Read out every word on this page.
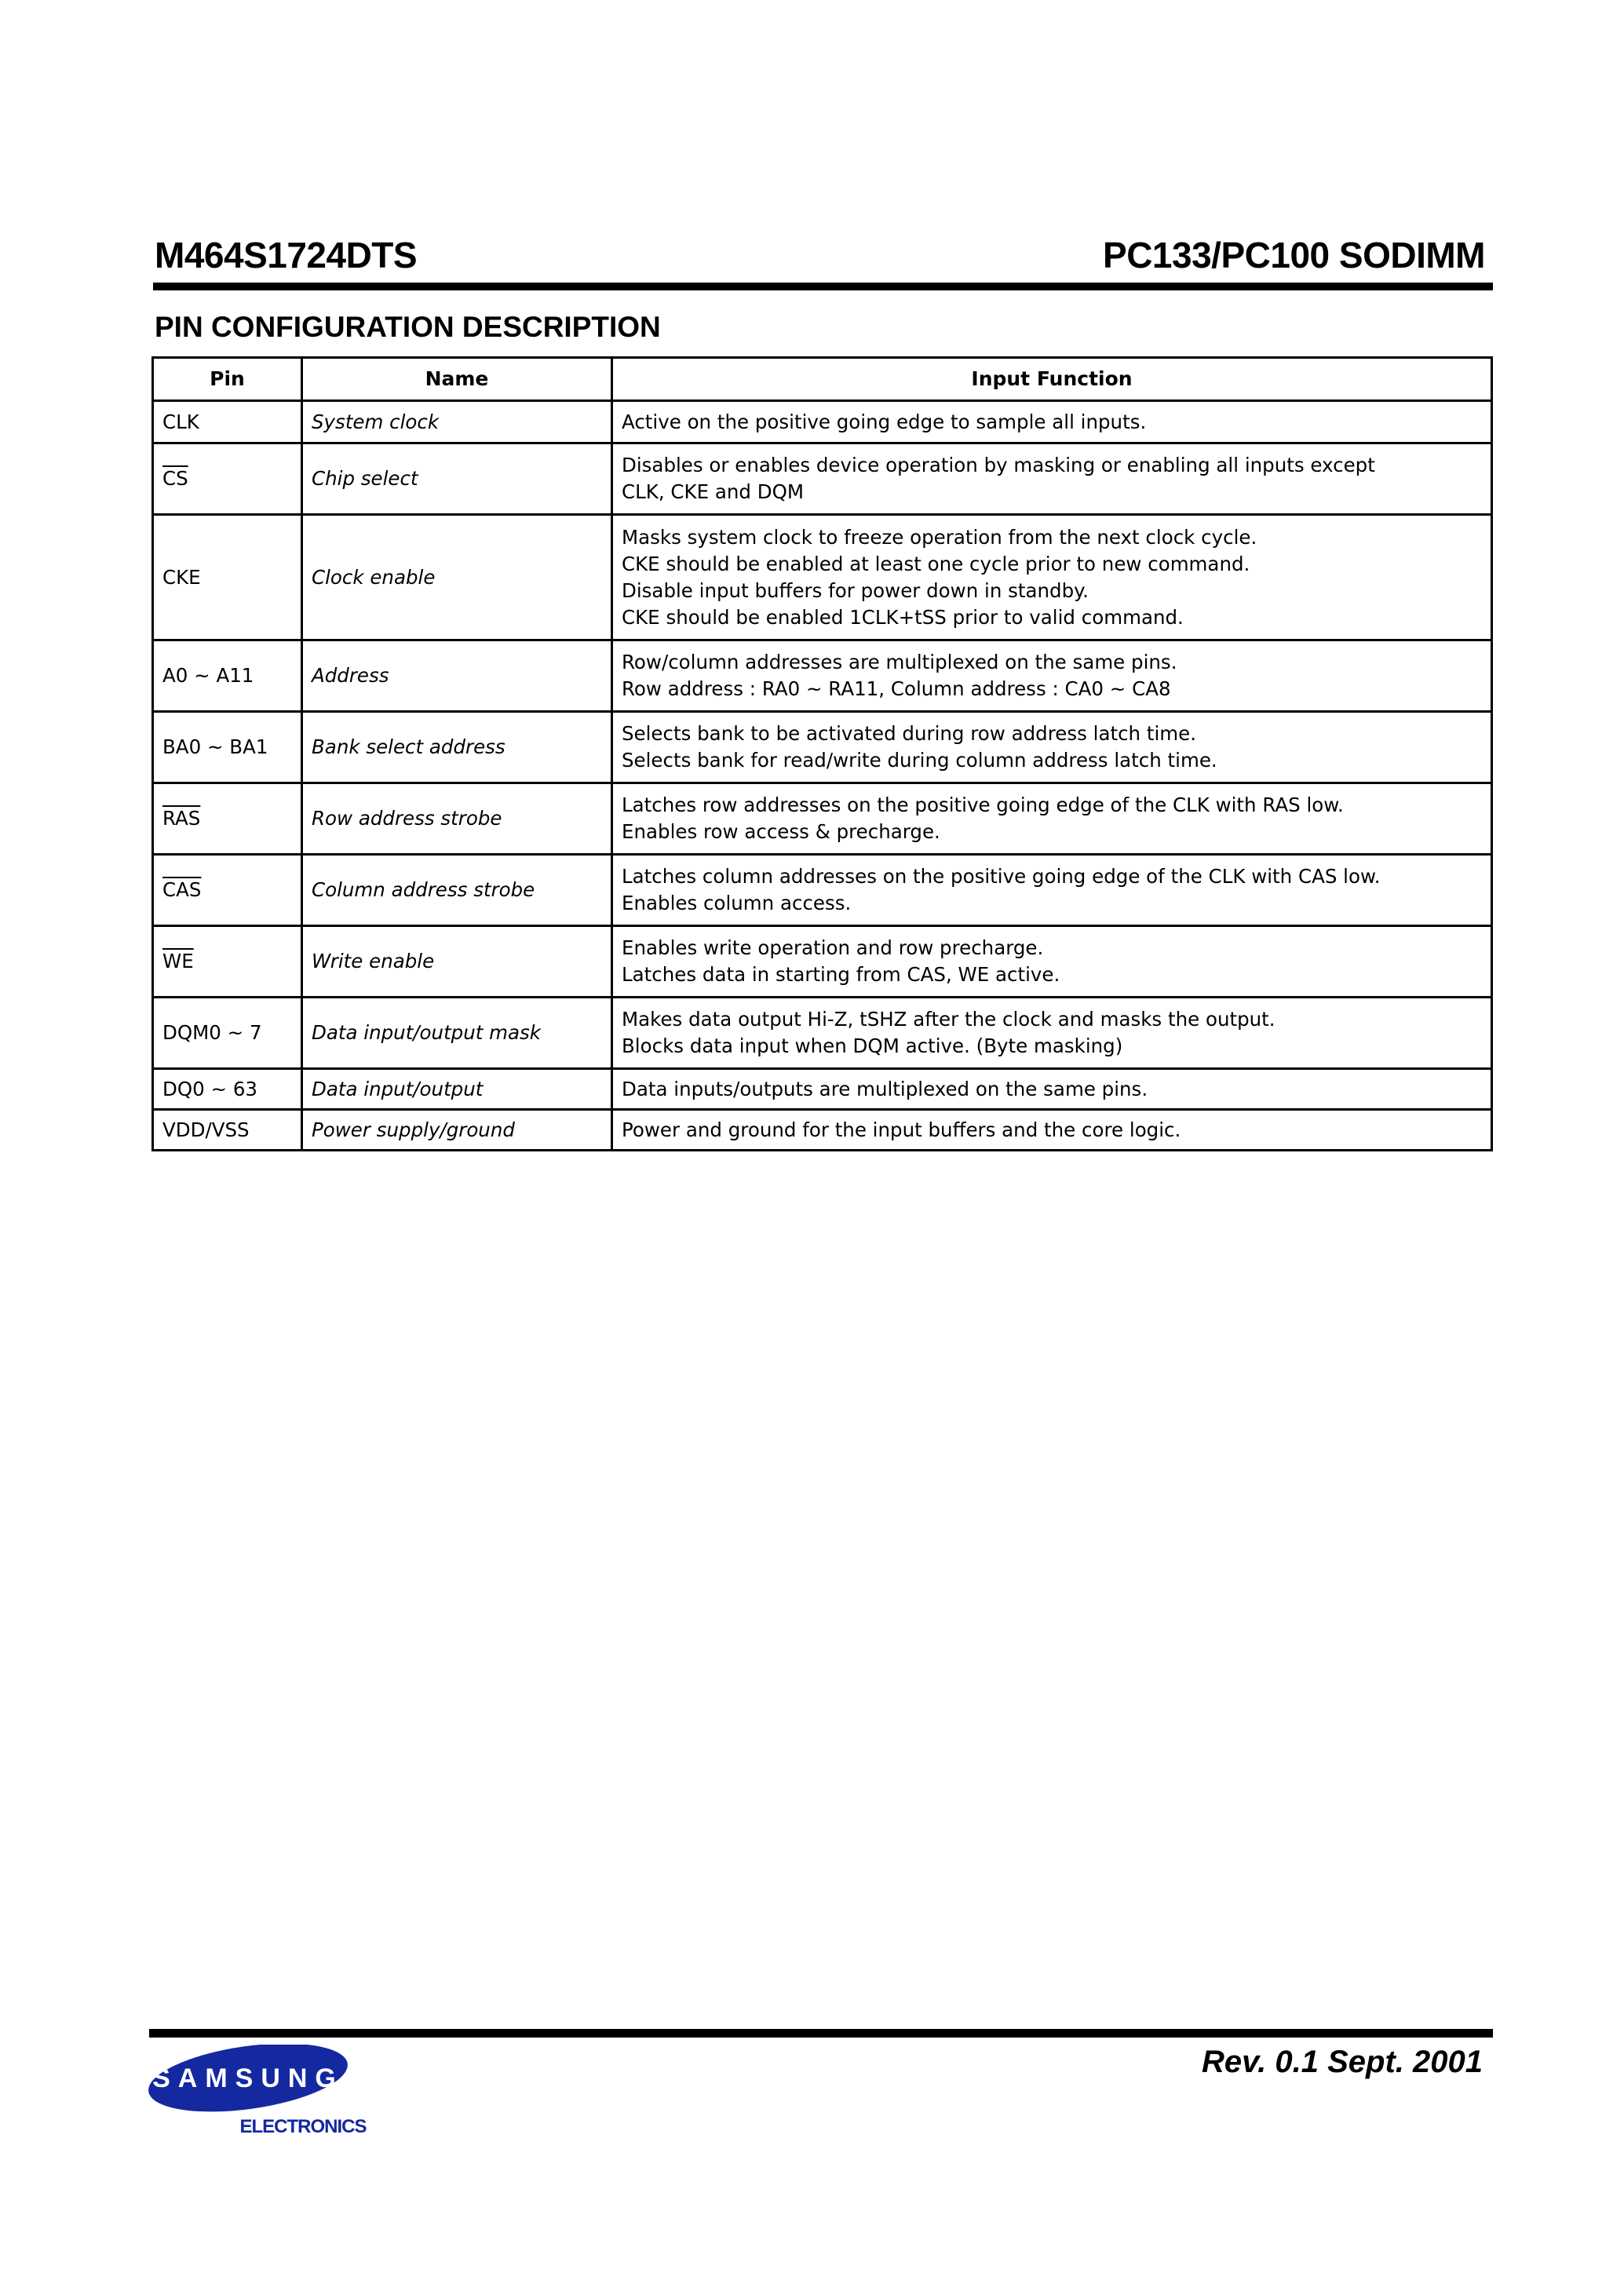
M464S1724DTS	PC133/PC100 SODIMM
PIN CONFIGURATION DESCRIPTION
Pin	Name	Input Function
CLK	System clock	Active on the positive going edge to sample all inputs.

$\overline{CS}$	Chip select	Disables or enables device operation by masking or enabling all inputs except
CLK, CKE and DQM

CKE	Clock enable	Masks system clock to freeze operation from the next clock cycle.
CKE should be enabled at least one cycle prior to new command.
Disable input buffers for power down in standby.
CKE should be enabled 1CLK+tSS prior to valid command.

A0 ~ A11	Address	Row/column addresses are multiplexed on the same pins.
Row address : RA0 ~ RA11, Column address : CA0 ~ CA8

BA0 ~ BA1	Bank select address	Selects bank to be activated during row address latch time.
Selects bank for read/write during column address latch time.

$\overline{RAS}$	Row address strobe	Latches row addresses on the positive going edge of the CLK with RAS low.
Enables row access & precharge.

$\overline{CAS}$	Column address strobe	Latches column addresses on the positive going edge of the CLK with CAS low.
Enables column access.

$\overline{WE}$	Write enable	Enables write operation and row precharge.
Latches data in starting from CAS, WE active.

DQM0 ~ 7	Data input/output mask	Makes data output Hi-Z, tSHZ after the clock and masks the output.
Blocks data input when DQM active. (Byte masking)

DQ0 ~ 63	Data input/output	Data inputs/outputs are multiplexed on the same pins.

VDD/VSS	Power supply/ground	Power and ground for the input buffers and the core logic.
SAMSUNG
ELECTRONICS
Rev. 0.1 Sept. 2001
